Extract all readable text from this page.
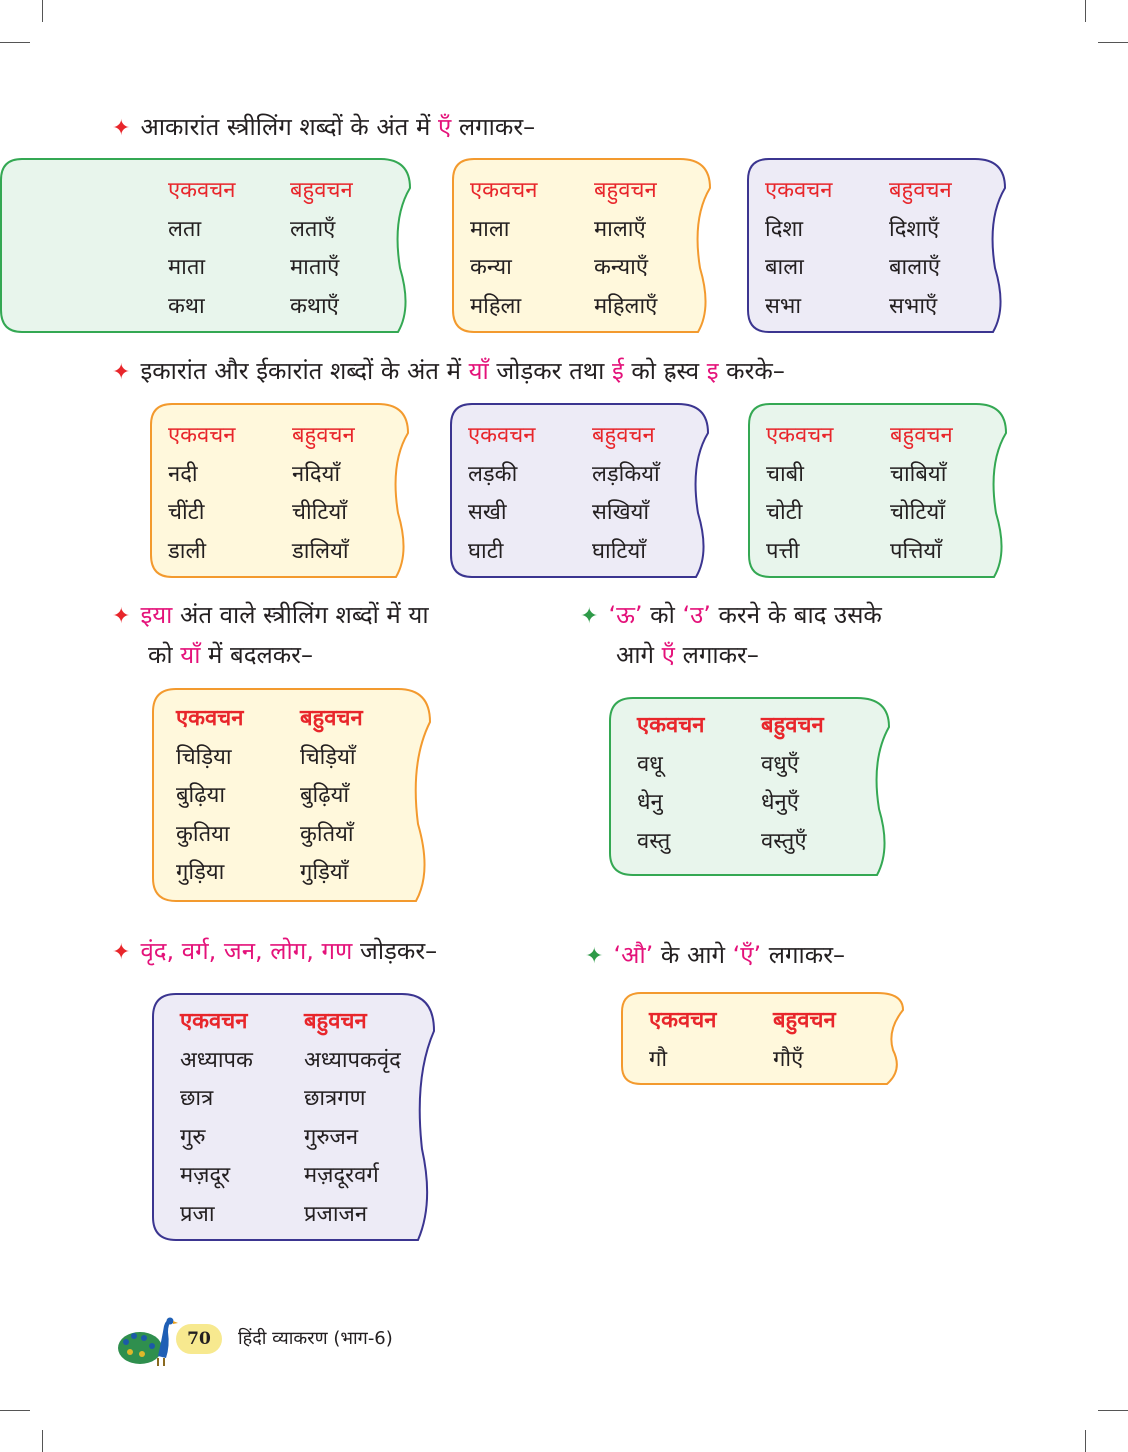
✦ आकारांत स्त्रीलिंग शब्दों के अंत में एँ लगाकर–
एकवचन	बहुवचन
लता	लताएँ
माता	माताएँ
कथा	कथाएँ
एकवचन	बहुवचन
माला	मालाएँ
कन्या	कन्याएँ
महिला	महिलाएँ
एकवचन	बहुवचन
दिशा	दिशाएँ
बाला	बालाएँ
सभा	सभाएँ
✦ इकारांत और ईकारांत शब्दों के अंत में याँ जोड़कर तथा ई को ह्रस्व इ करके–
एकवचन	बहुवचन
नदी	नदियाँ
चींटी	चीटियाँ
डाली	डालियाँ
एकवचन	बहुवचन
लड़की	लड़कियाँ
सखी	सखियाँ
घाटी	घाटियाँ
एकवचन	बहुवचन
चाबी	चाबियाँ
चोटी	चोटियाँ
पत्ती	पत्तियाँ
✦ इया अंत वाले स्त्रीलिंग शब्दों में या
को याँ में बदलकर–
✦ ‘ऊ’ को ‘उ’ करने के बाद उसके
आगे एँ लगाकर–
एकवचन	बहुवचन
चिड़िया	चिड़ियाँ
बुढ़िया	बुढ़ियाँ
कुतिया	कुतियाँ
गुड़िया	गुड़ियाँ
एकवचन	बहुवचन
वधू	वधुएँ
धेनु	धेनुएँ
वस्तु	वस्तुएँ
✦ वृंद, वर्ग, जन, लोग, गण जोड़कर–	✦ ‘औ’ के आगे ‘एँ’ लगाकर–
एकवचन	बहुवचन
अध्यापक	अध्यापकवृंद
छात्र	छात्रगण
गुरु	गुरुजन
मज़दूर	मज़दूरवर्ग
प्रजा	प्रजाजन
एकवचन	बहुवचन
गौ	गौएँ
70	हिंदी व्याकरण (भाग-6)
